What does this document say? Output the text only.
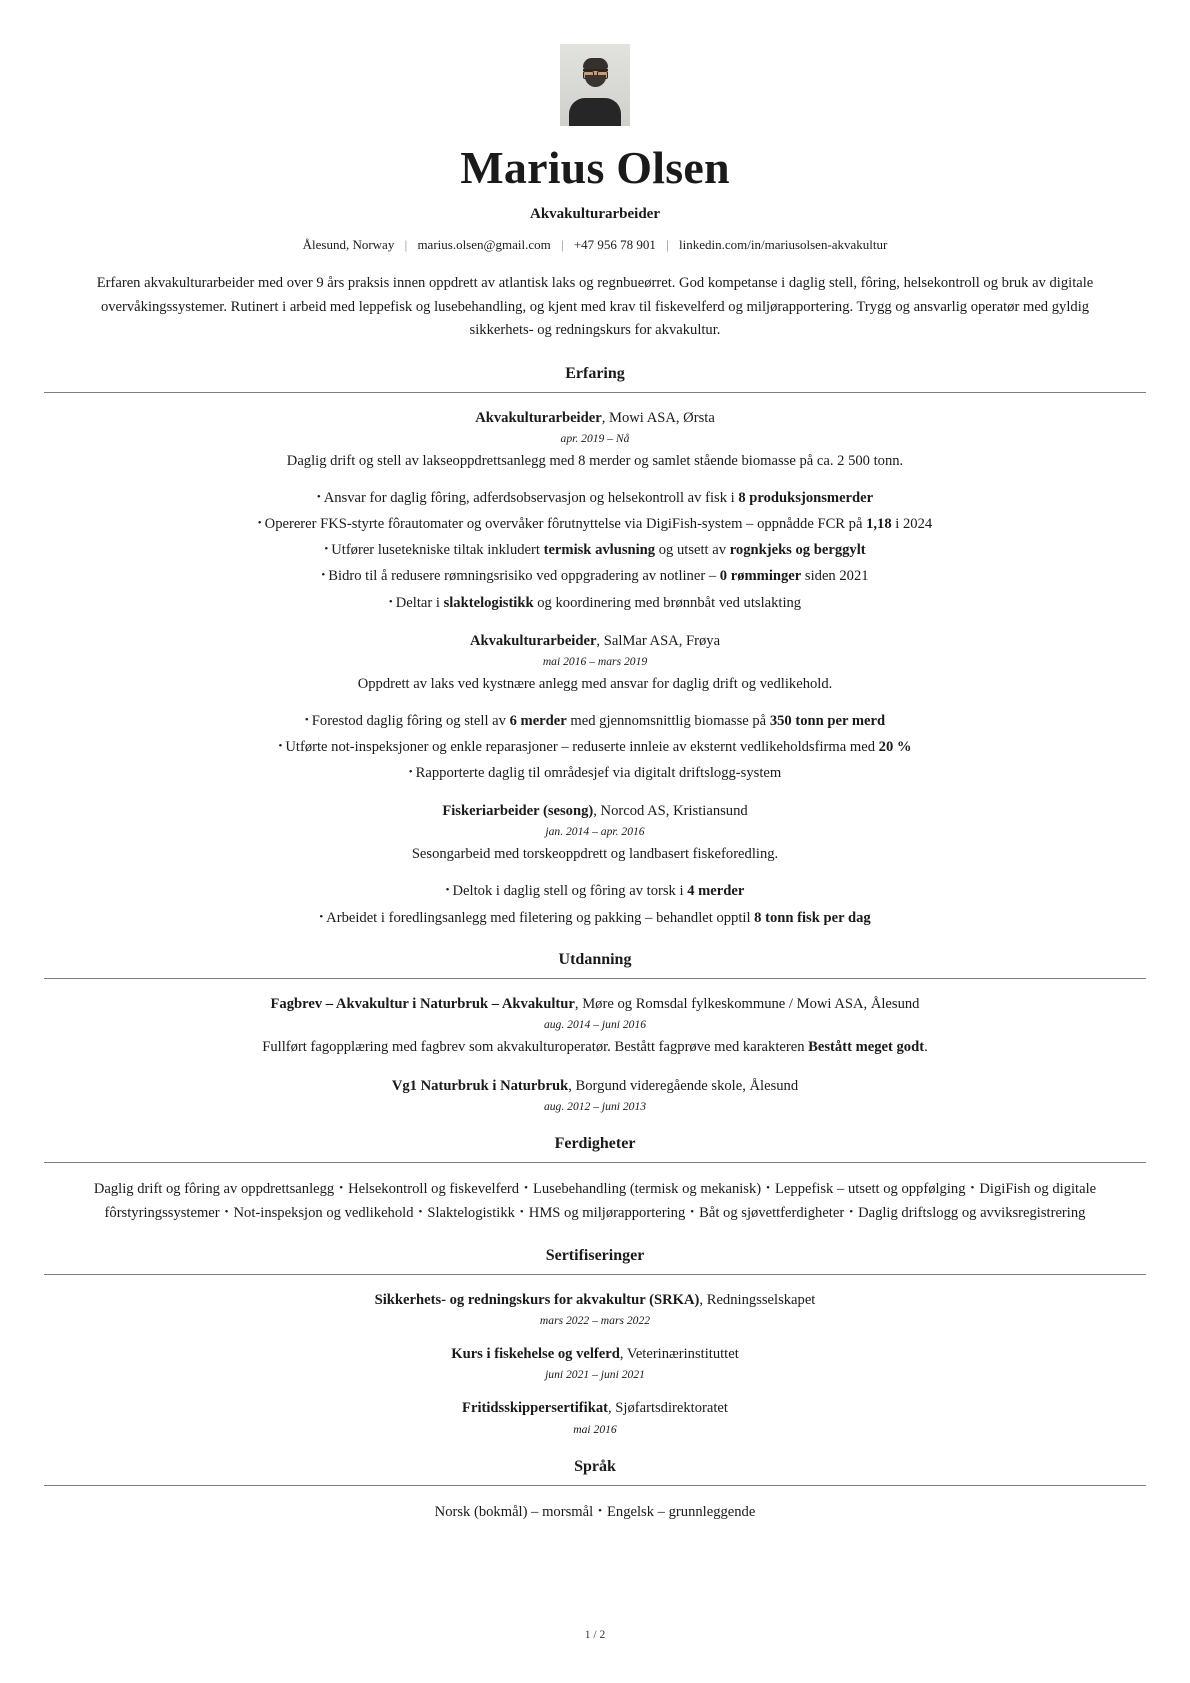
Marius Olsen
Akvakulturarbeider
Ålesund, Norway | marius.olsen@gmail.com | +47 956 78 901 | linkedin.com/in/mariusolsen-akvakultur
Erfaren akvakulturarbeider med over 9 års praksis innen oppdrett av atlantisk laks og regnbueørret. God kompetanse i daglig stell, fôring, helsekontroll og bruk av digitale overvåkingssystemer. Rutinert i arbeid med leppefisk og lusebehandling, og kjent med krav til fiskevelferd og miljørapportering. Trygg og ansvarlig operatør med gyldig sikkerhets- og redningskurs for akvakultur.
Erfaring
Akvakulturarbeider, Mowi ASA, Ørsta
apr. 2019 – Nå
Daglig drift og stell av lakseoppdrettsanlegg med 8 merder og samlet stående biomasse på ca. 2 500 tonn.
• Ansvar for daglig fôring, adferdsobservasjon og helsekontroll av fisk i 8 produksjonsmerder
• Opererer FKS-styrte fôrautomater og overvåker fôrutnyttelse via DigiFish-system – oppnådde FCR på 1,18 i 2024
• Utfører lusetekniske tiltak inkludert termisk avlusning og utsett av rognkjeks og berggylt
• Bidro til å redusere rømningsrisiko ved oppgradering av notliner – 0 rømminger siden 2021
• Deltar i slaktelogistikk og koordinering med brønnbåt ved utslakting
Akvakulturarbeider, SalMar ASA, Frøya
mai 2016 – mars 2019
Oppdrett av laks ved kystnære anlegg med ansvar for daglig drift og vedlikehold.
• Forestod daglig fôring og stell av 6 merder med gjennomsnittlig biomasse på 350 tonn per merd
• Utførte not-inspeksjoner og enkle reparasjoner – reduserte innleie av eksternt vedlikeholdsfirma med 20 %
• Rapporterte daglig til områdesjef via digitalt driftslogg-system
Fiskeriarbeider (sesong), Norcod AS, Kristiansund
jan. 2014 – apr. 2016
Sesongarbeid med torskeoppdrett og landbasert fiskeforedling.
• Deltok i daglig stell og fôring av torsk i 4 merder
• Arbeidet i foredlingsanlegg med filetering og pakking – behandlet opptil 8 tonn fisk per dag
Utdanning
Fagbrev – Akvakultur i Naturbruk – Akvakultur, Møre og Romsdal fylkeskommune / Mowi ASA, Ålesund
aug. 2014 – juni 2016
Fullført fagopplæring med fagbrev som akvakulturoperatør. Bestått fagprøve med karakteren Bestått meget godt.
Vg1 Naturbruk i Naturbruk, Borgund videregående skole, Ålesund
aug. 2012 – juni 2013
Ferdigheter
Daglig drift og fôring av oppdrettsanlegg • Helsekontroll og fiskevelferd • Lusebehandling (termisk og mekanisk) • Leppefisk – utsett og oppfølging • DigiFish og digitale fôrstyringssystemer • Not-inspeksjon og vedlikehold • Slaktelogistikk • HMS og miljørapportering • Båt og sjøvettferdigheter • Daglig driftslogg og avviksregistrering
Sertifiseringer
Sikkerhets- og redningskurs for akvakultur (SRKA), Redningsselskapet
mars 2022 – mars 2022
Kurs i fiskehelse og velferd, Veterinærinstituttet
juni 2021 – juni 2021
Fritidsskippersertifikat, Sjøfartsdirektoratet
mai 2016
Språk
Norsk (bokmål) – morsmål • Engelsk – grunnleggende
1 / 2
